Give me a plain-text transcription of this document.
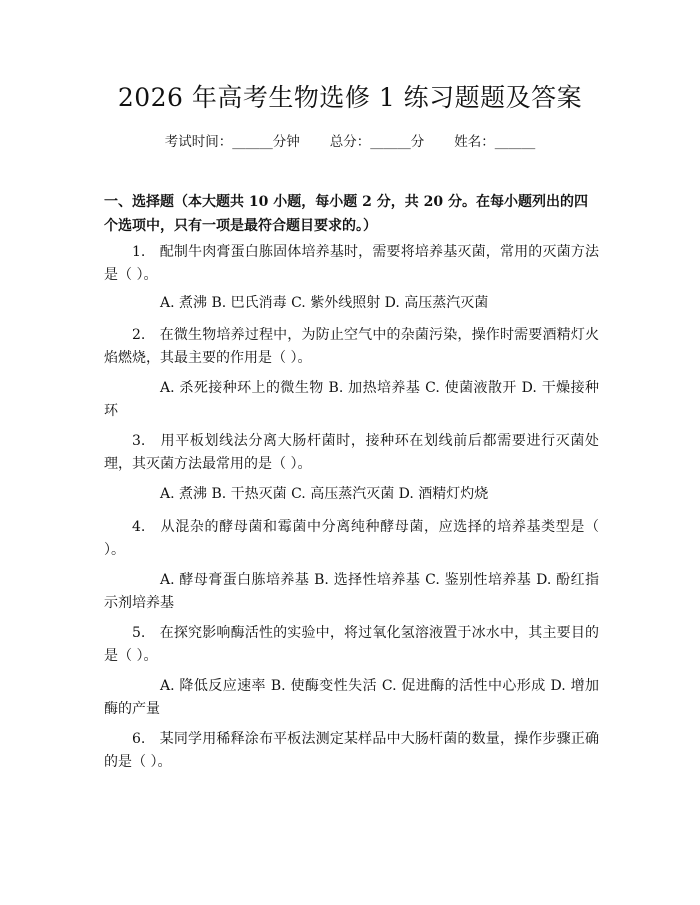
2026 年高考生物选修 1 练习题题及答案
考试时间：______分钟 总分：______分 姓名：______
一、选择题（本大题共 10 小题，每小题 2 分，共 20 分。在每小题列出的四个选项中，只有一项是最符合题目要求的。）
1.　配制牛肉膏蛋白胨固体培养基时，需要将培养基灭菌，常用的灭菌方法是（ ）。
A. 煮沸 B. 巴氏消毒 C. 紫外线照射 D. 高压蒸汽灭菌
2.　在微生物培养过程中，为防止空气中的杂菌污染，操作时需要酒精灯火焰燃烧，其最主要的作用是（ ）。
A. 杀死接种环上的微生物 B. 加热培养基 C. 使菌液散开 D. 干燥接种环
3.　用平板划线法分离大肠杆菌时，接种环在划线前后都需要进行灭菌处理，其灭菌方法最常用的是（ ）。
A. 煮沸 B. 干热灭菌 C. 高压蒸汽灭菌 D. 酒精灯灼烧
4.　从混杂的酵母菌和霉菌中分离纯种酵母菌，应选择的培养基类型是（ ）。
A. 酵母膏蛋白胨培养基 B. 选择性培养基 C. 鉴别性培养基 D. 酚红指示剂培养基
5.　在探究影响酶活性的实验中，将过氧化氢溶液置于冰水中，其主要目的是（ ）。
A. 降低反应速率 B. 使酶变性失活 C. 促进酶的活性中心形成 D. 增加酶的产量
6.　某同学用稀释涂布平板法测定某样品中大肠杆菌的数量，操作步骤正确的是（ ）。
